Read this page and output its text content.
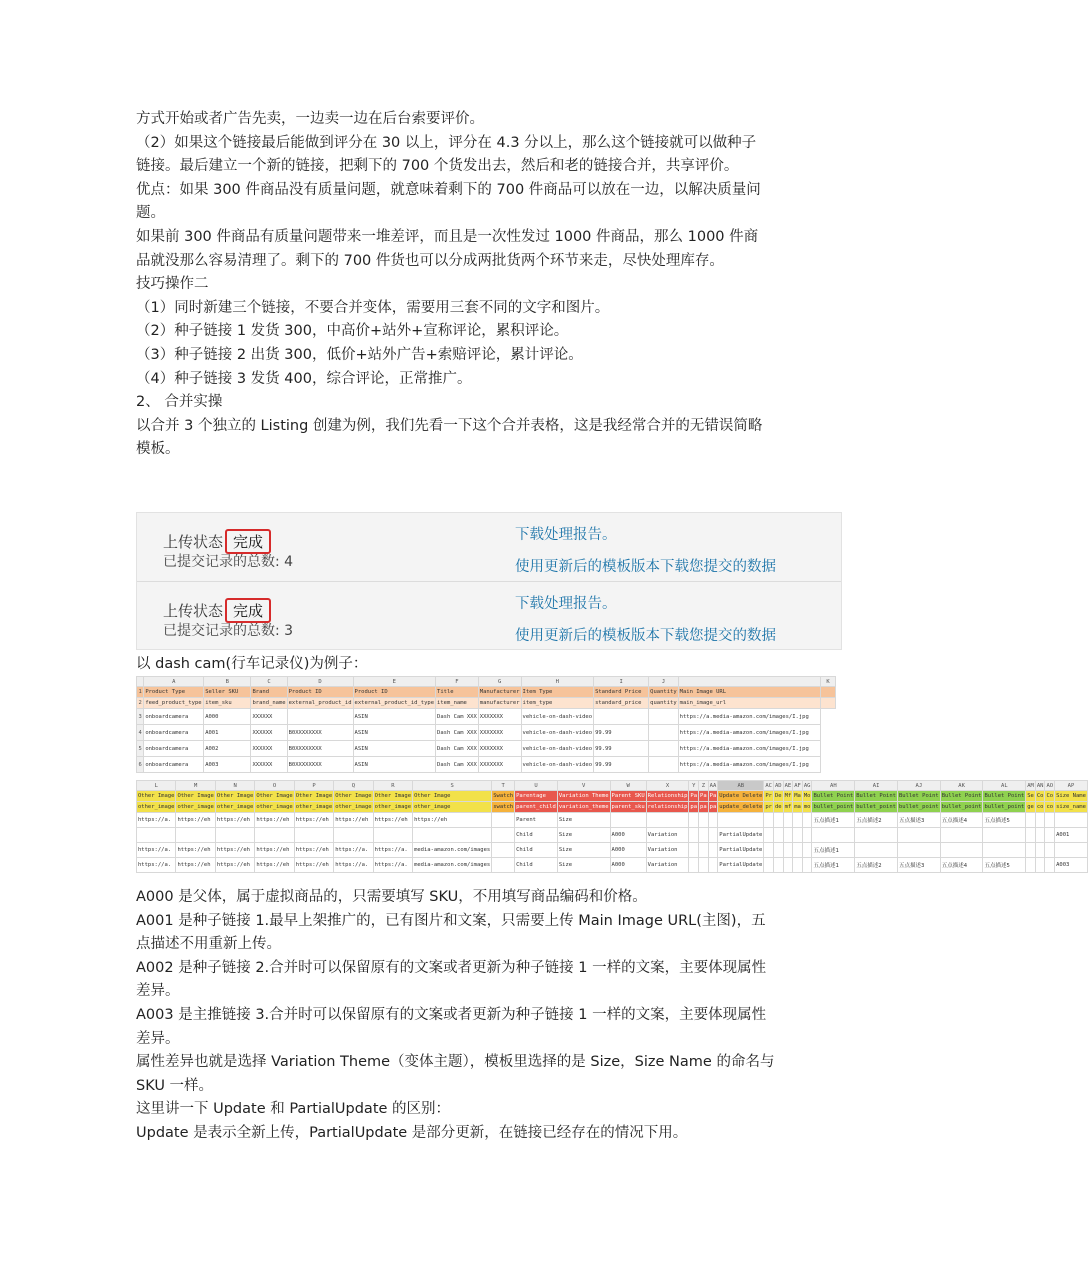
方式开始或者广告先卖，一边卖一边在后台索要评价。

（2）如果这个链接最后能做到评分在 30 以上，评分在 4.3 分以上，那么这个链接就可以做种子链接。最后建立一个新的链接，把剩下的 700 个货发出去，然后和老的链接合并，共享评价。

优点：如果 300 件商品没有质量问题，就意味着剩下的 700 件商品可以放在一边，以解决质量问题。

如果前 300 件商品有质量问题带来一堆差评，而且是一次性发过 1000 件商品，那么 1000 件商品就没那么容易清理了。剩下的 700 件货也可以分成两批货两个环节来走，尽快处理库存。

技巧操作二

（1）同时新建三个链接，不要合并变体，需要用三套不同的文字和图片。

（2）种子链接 1 发货 300，中高价+站外+宣称评论，累积评论。

（3）种子链接 2 出货 300，低价+站外广告+索赔评论，累计评论。

（4）种子链接 3 发货 400，综合评论，正常推广。

2、 合并实操

以合并 3 个独立的 Listing 创建为例，我们先看一下这个合并表格，这是我经常合并的无错误简略模板。

上传状态 完成
已提交记录的总数: 4
下载处理报告。
使用更新后的模板版本下载您提交的数据
上传状态 完成
已提交记录的总数: 3
下载处理报告。
使用更新后的模板版本下载您提交的数据
以 dash cam(行车记录仪)为例子：
	A	B	C	D	E	F	G	H	I	J		K
1	Product Type	Seller SKU	Brand	Product ID	Product ID	Title	Manufacturer	Item Type	Standard Price	Quantity	Main Image URL	
2	feed_product_type	item_sku	brand_name	external_product_id	external_product_id_type	item_name	manufacturer	item_type	standard_price	quantity	main_image_url	
3	onboardcamera	A000	XXXXXX		ASIN	Dash Cam XXX	XXXXXXX	vehicle-on-dash-video			https://a.media-amazon.com/images/I.jpg	
4	onboardcamera	A001	XXXXXX	B0XXXXXXXX	ASIN	Dash Cam XXX	XXXXXXX	vehicle-on-dash-video	99.99		https://a.media-amazon.com/images/I.jpg	
5	onboardcamera	A002	XXXXXX	B0XXXXXXXX	ASIN	Dash Cam XXX	XXXXXXX	vehicle-on-dash-video	99.99		https://a.media-amazon.com/images/I.jpg	
6	onboardcamera	A003	XXXXXX	B0XXXXXXXX	ASIN	Dash Cam XXX	XXXXXXX	vehicle-on-dash-video	99.99		https://a.media-amazon.com/images/I.jpg	
L	M	N	O	P	Q	R	S	T	U	V	W	X	Y	Z	AA	AB	AC	AD	AE	AF	AG	AH	AI	AJ	AK	AL	AM	AN	AO	AP
Other Image	Other Image	Other Image	Other Image	Other Image	Other Image	Other Image	Other Image	Swatch	Parentage	Variation Theme	Parent SKU	Relationship	Pa	Pa	Pa	Update Delete	Pr	De	Mf	Ma	Mo	Bullet Point	Bullet Point	Bullet Point	Bullet Point	Bullet Point	Se	Co	Co	Size Name
other_image	other_image	other_image	other_image	other_image	other_image	other_image	other_image	swatch	parent_child	variation_theme	parent_sku	relationship	pa	pa	pa	update_delete	pr	de	mf	ma	mo	bullet_point	bullet_point	bullet_point	bullet_point	bullet_point	ge	co	co	size_name
https://a.	https://eh	https://eh	https://eh	https://eh	https://eh	https://eh	https://eh		Parent	Size												五点描述1	五点描述2	五点描述3	五点描述4	五点描述5				
									Child	Size	A000	Variation				PartialUpdate														A001
https://a.	https://eh	https://eh	https://eh	https://eh	https://a.	https://a.	media-amazon.com/images		Child	Size	A000	Variation				PartialUpdate						五点描述1								
https://a.	https://eh	https://eh	https://eh	https://eh	https://a.	https://a.	media-amazon.com/images		Child	Size	A000	Variation				PartialUpdate						五点描述1	五点描述2	五点描述3	五点描述4	五点描述5				A003

A000 是父体，属于虚拟商品的，只需要填写 SKU，不用填写商品编码和价格。

A001 是种子链接 1.最早上架推广的，已有图片和文案，只需要上传 Main Image URL(主图)，五点描述不用重新上传。

A002 是种子链接 2.合并时可以保留原有的文案或者更新为种子链接 1 一样的文案，主要体现属性差异。

A003 是主推链接 3.合并时可以保留原有的文案或者更新为种子链接 1 一样的文案，主要体现属性差异。

属性差异也就是选择 Variation Theme（变体主题），模板里选择的是 Size，Size Name 的命名与 SKU 一样。

这里讲一下 Update 和 PartialUpdate 的区别：

Update 是表示全新上传，PartialUpdate 是部分更新，在链接已经存在的情况下用。
